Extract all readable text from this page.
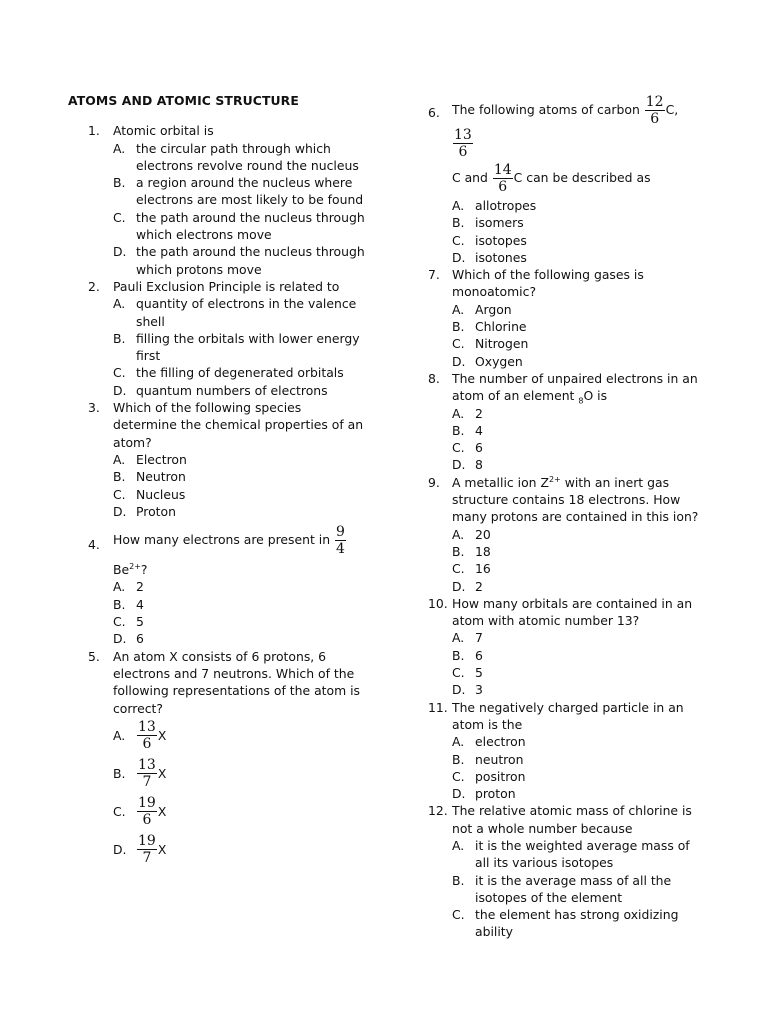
ATOMS AND ATOMIC STRUCTURE
1. Atomic orbital is
A. the circular path through which electrons revolve round the nucleus
B. a region around the nucleus where electrons are most likely to be found
C. the path around the nucleus through which electrons move
D. the path around the nucleus through which protons move
2. Pauli Exclusion Principle is related to
A. quantity of electrons in the valence shell
B. filling the orbitals with lower energy first
C. the filling of degenerated orbitals
D. quantum numbers of electrons
3. Which of the following species determine the chemical properties of an atom?
A. Electron
B. Neutron
C. Nucleus
D. Proton
4. How many electrons are present in $\frac{9}{4}$
$Be^{2+}$?
A. 2
B. 4
C. 5
D. 6
5. An atom X consists of 6 protons, 6 electrons and 7 neutrons. Which of the following representations of the atom is correct?
A. $\frac{13}{6}$ X
B. $\frac{13}{7}$ X
C. $\frac{19}{6}$ X
D. $\frac{19}{7}$ X
6. The following atoms of carbon $\frac{12}{6} C$,
$\frac{13}{6}$
C and $\frac{14}{6}$ C can be described as
A. allotropes
B. isomers
C. isotopes
D. isotones
7. Which of the following gases is monoatomic?
A. Argon
B. Chlorine
C. Nitrogen
D. Oxygen
8. The number of unpaired electrons in an atom of an element $_8$O is
A. 2
B. 4
C. 6
D. 8
9. A metallic ion $Z^{2+}$ with an inert gas structure contains 18 electrons. How many protons are contained in this ion?
A. 20
B. 18
C. 16
D. 2
10. How many orbitals are contained in an atom with atomic number 13?
A. 7
B. 6
C. 5
D. 3
11. The negatively charged particle in an atom is the
A. electron
B. neutron
C. positron
D. proton
12. The relative atomic mass of chlorine is not a whole number because
A. it is the weighted average mass of all its various isotopes
B. it is the average mass of all the isotopes of the element
C. the element has strong oxidizing ability
